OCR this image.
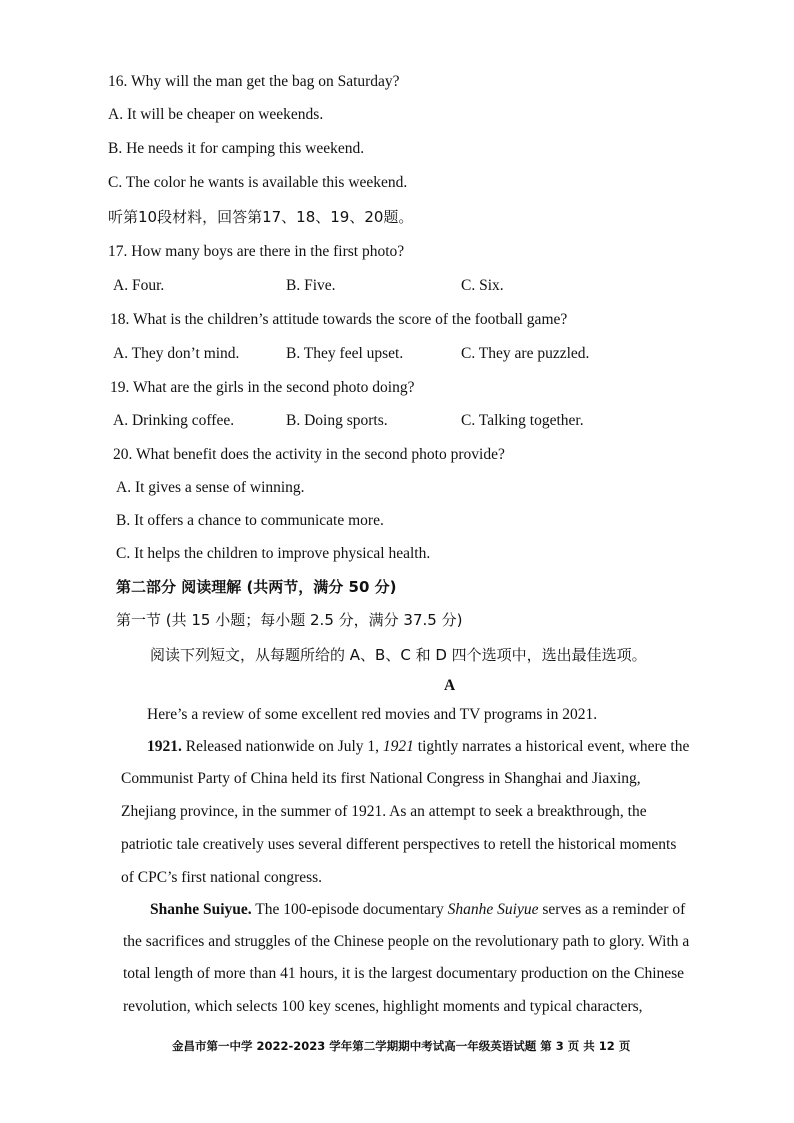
16. Why will the man get the bag on Saturday?
A. It will be cheaper on weekends.
B. He needs it for camping this weekend.
C. The color he wants is available this weekend.
听第10段材料，回答第17、18、19、20题。
17. How many boys are there in the first photo?
A. Four.	B. Five.	C. Six.
18. What is the children’s attitude towards the score of the football game?
A. They don’t mind.	B. They feel upset.	C. They are puzzled.
19. What are the girls in the second photo doing?
A. Drinking coffee.	B. Doing sports.	C. Talking together.
20. What benefit does the activity in the second photo provide?
A. It gives a sense of winning.
B. It offers a chance to communicate more.
C. It helps the children to improve physical health.
第二部分 阅读理解 (共两节，满分 50 分)
第一节 (共 15 小题；每小题 2.5 分，满分 37.5 分)
阅读下列短文，从每题所给的 A、B、C 和 D 四个选项中，选出最佳选项。
A
Here’s a review of some excellent red movies and TV programs in 2021.
1921. Released nationwide on July 1, 1921 tightly narrates a historical event, where the
Communist Party of China held its first National Congress in Shanghai and Jiaxing,
Zhejiang province, in the summer of 1921. As an attempt to seek a breakthrough, the
patriotic tale creatively uses several different perspectives to retell the historical moments
of CPC’s first national congress.
Shanhe Suiyue. The 100-episode documentary Shanhe Suiyue serves as a reminder of
the sacrifices and struggles of the Chinese people on the revolutionary path to glory. With a
total length of more than 41 hours, it is the largest documentary production on the Chinese
revolution, which selects 100 key scenes, highlight moments and typical characters,
金昌市第一中学 2022-2023 学年第二学期期中考试高一年级英语试题 第 3 页 共 12 页
